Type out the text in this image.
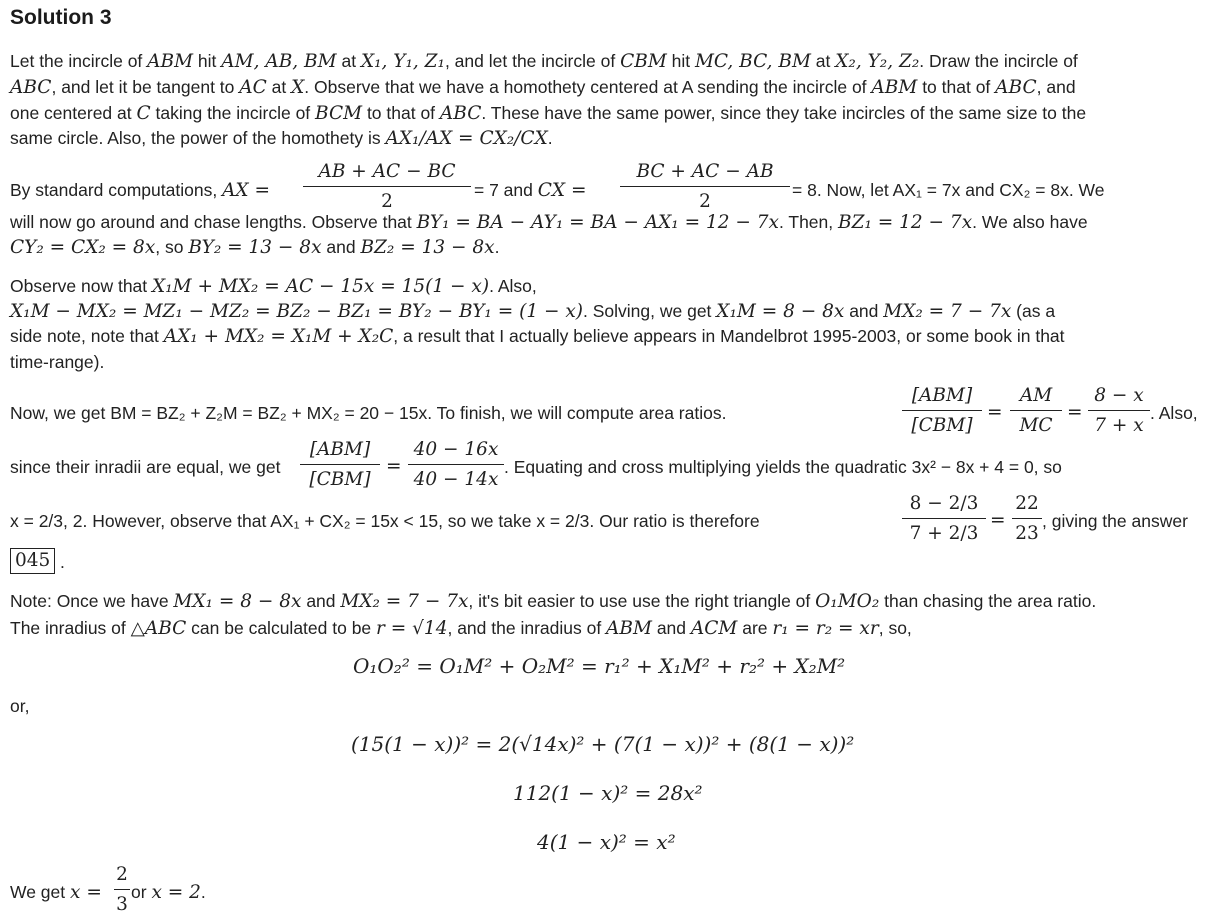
Solution 3
Let the incircle of ABM hit AM, AB, BM at X₁, Y₁, Z₁, and let the incircle of CBM hit MC, BC, BM at X₂, Y₂, Z₂. Draw the incircle of
ABC, and let it be tangent to AC at X. Observe that we have a homothety centered at A sending the incircle of ABM to that of ABC, and
one centered at C taking the incircle of BCM to that of ABC. These have the same power, since they take incircles of the same size to the
same circle. Also, the power of the homothety is AX₁/AX = CX₂/CX.
will now go around and chase lengths. Observe that BY₁ = BA − AY₁ = BA − AX₁ = 12 − 7x. Then, BZ₁ = 12 − 7x. We also have
CY₂ = CX₂ = 8x, so BY₂ = 13 − 8x and BZ₂ = 13 − 8x.
Observe now that X₁M + MX₂ = AC − 15x = 15(1 − x). Also,
X₁M − MX₂ = MZ₁ − MZ₂ = BZ₂ − BZ₁ = BY₂ − BY₁ = (1 − x). Solving, we get X₁M = 8 − 8x and MX₂ = 7 − 7x (as a
side note, note that AX₁ + MX₂ = X₁M + X₂C, a result that I actually believe appears in Mandelbrot 1995-2003, or some book in that
time-range).
Note: Once we have MX₁ = 8 − 8x and MX₂ = 7 − 7x, it's bit easier to use use the right triangle of O₁MO₂ than chasing the area ratio.
The inradius of △ABC can be calculated to be r = √14, and the inradius of ABM and ACM are r₁ = r₂ = xr, so,
or,
By standard computations, AX =
AB + AC − BC
2
= 7 and CX =
BC + AC − AB
2
= 8. Now, let AX₁ = 7x and CX₂ = 8x. We
Now, we get BM = BZ₂ + Z₂M = BZ₂ + MX₂ = 20 − 15x. To finish, we will compute area ratios.
[ABM]
[CBM]
=
AM
MC
=
8 − x
7 + x
. Also,
since their inradii are equal, we get
[ABM]
[CBM]
=
40 − 16x
40 − 14x
. Equating and cross multiplying yields the quadratic 3x² − 8x + 4 = 0, so
x = 2/3, 2. However, observe that AX₁ + CX₂ = 15x < 15, so we take x = 2/3. Our ratio is therefore
8 − 2/3
7 + 2/3
=
22
23
, giving the answer
045 .
O₁O₂² = O₁M² + O₂M² = r₁² + X₁M² + r₂² + X₂M²
(15(1 − x))² = 2(√14x)² + (7(1 − x))² + (8(1 − x))²
112(1 − x)² = 28x²
4(1 − x)² = x²
We get x =
2
3
or x = 2.
